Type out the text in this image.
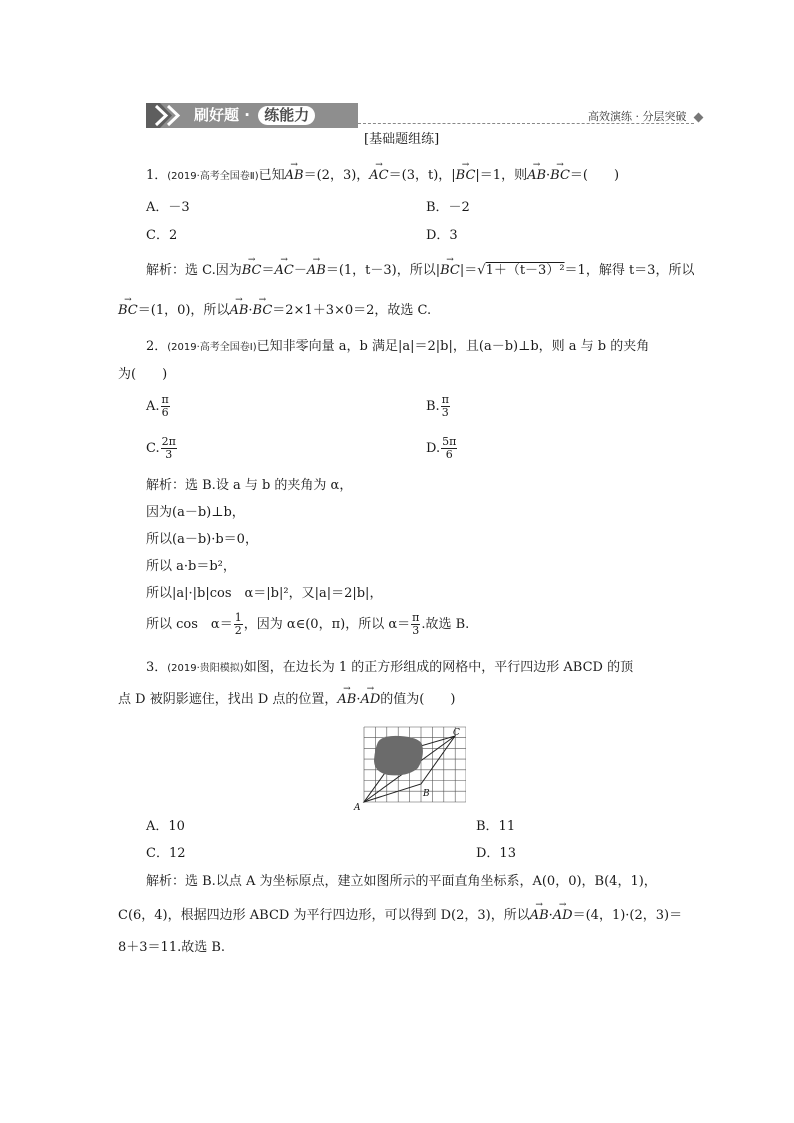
刷好题 · 练能力	高效演练 · 分层突破
[基础题组练]
1．(2019·高考全国卷Ⅱ)已知→ AB＝(2，3)，→ AC＝(3，t)，|→ BC|＝1，则→ AB·→ BC＝(　　)
A．－3	B．－2
C．2	D．3
解析：选 C.因为→ BC＝→ AC－→ AB＝(1，t－3)，所以|→ BC|＝√1＋（t－3）²＝1，解得 t＝3，所以
→ BC＝(1，0)，所以→ AB·→ BC＝2×1＋3×0＝2，故选 C.
2．(2019·高考全国卷Ⅰ)已知非零向量 a，b 满足|a|＝2|b|，且(a－b)⊥b，则 a 与 b 的夹角
为(　　)
A. $\frac{\pi}{6}$	B. $\frac{\pi}{3}$
C. $\frac{2\pi}{3}$	D. $\frac{5\pi}{6}$
解析：选 B.设 a 与 b 的夹角为 α，
因为(a－b)⊥b，
所以(a－b)·b＝0，
所以 a·b＝b²，
所以|a|·|b|cos　α＝|b|²，又|a|＝2|b|，
所以 cos　$\alpha= \frac{1}{2}$ ，因为 α∈(0，π)，所以 $\alpha= \frac{\pi}{3}$ .故选 B.
3．(2019·贵阳模拟)如图，在边长为 1 的正方形组成的网格中，平行四边形 ABCD 的顶
点 D 被阴影遮住，找出 D 点的位置，→ AB·→ AD的值为(　　)
A
B
C
A．10	B．11
C．12	D．13
解析：选 B.以点 A 为坐标原点，建立如图所示的平面直角坐标系，A(0，0)，B(4，1)，
C(6，4)，根据四边形 ABCD 为平行四边形，可以得到 D(2，3)，所以→ AB·→ AD＝(4，1)·(2，3)＝
8＋3＝11.故选 B.
